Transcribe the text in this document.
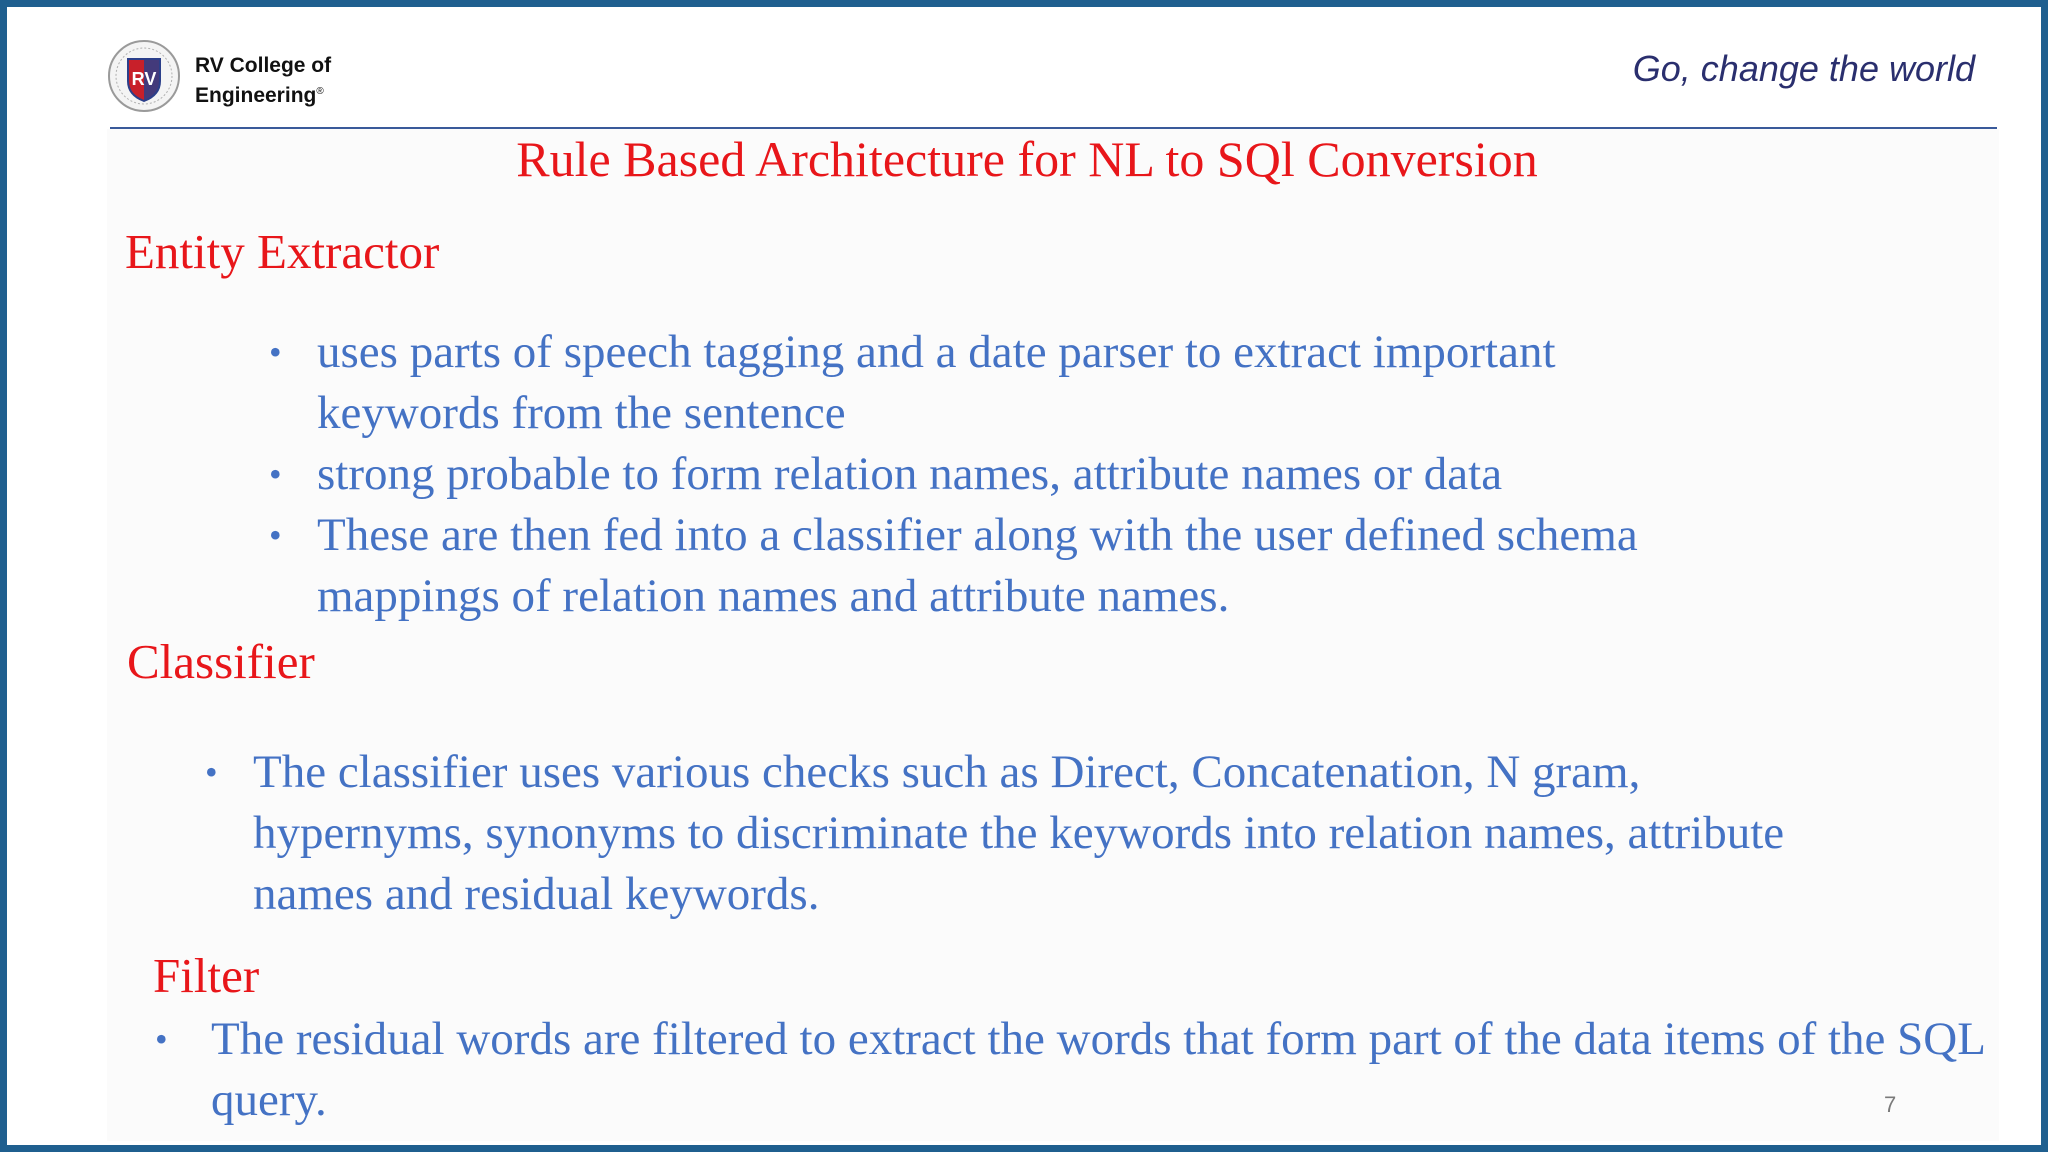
RV
RV College of
Engineering®
Go, change the world
Rule Based Architecture for NL to SQl Conversion
Entity Extractor
• uses parts of speech tagging and a date parser to extract important keywords from the sentence
• strong probable to form relation names, attribute names or data
• These are then fed into a classifier along with the user defined schema mappings of relation names and attribute names.
Classifier
• The classifier uses various checks such as Direct, Concatenation, N gram, hypernyms, synonyms to discriminate the keywords into relation names, attribute names and residual keywords.
Filter
• The residual words are filtered to extract the words that form part of the data items of the SQL query.	7
